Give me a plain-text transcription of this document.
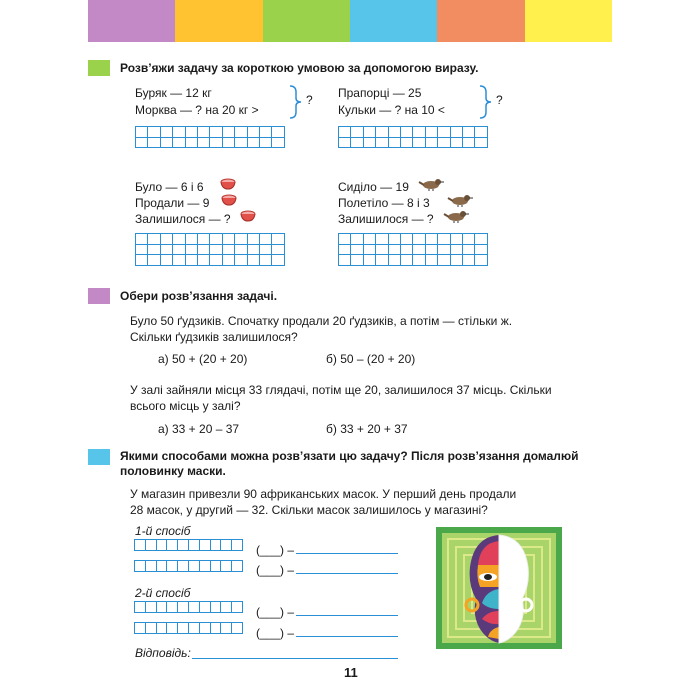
Розв’яжи задачу за короткою умовою за допомогою виразу.
Буряк — 12 кг
Морква — ? на 20 кг >
? Прапорці — 25
Кульки — ? на 10 <
?
Було — 6 і 6
Продали — 9
Залишилося — ?
Сиділо — 19
Полетіло — 8 і 3
Залишилося — ?
Обери розв’язання задачі.
Було 50 ґудзиків. Спочатку продали 20 ґудзиків, а потім — стільки ж.
Скільки ґудзиків залишилося?
а) 50 + (20 + 20)	б) 50 – (20 + 20)
У залі зайняли місця 33 глядачі, потім ще 20, залишилося 37 місць. Скільки
всього місць у залі?
а) 33 + 20 – 37	б) 33 + 20 + 37
Якими способами можна розв’язати цю задачу? Після розв’язання домалюй
половинку маски.
У магазин привезли 90 африканських масок. У перший день продали
28 масок, у другий — 32. Скільки масок залишилось у магазині?
1-й спосіб
(___) –
(___) –
2-й спосіб
(___) –
(___) –
Відповідь:
11
